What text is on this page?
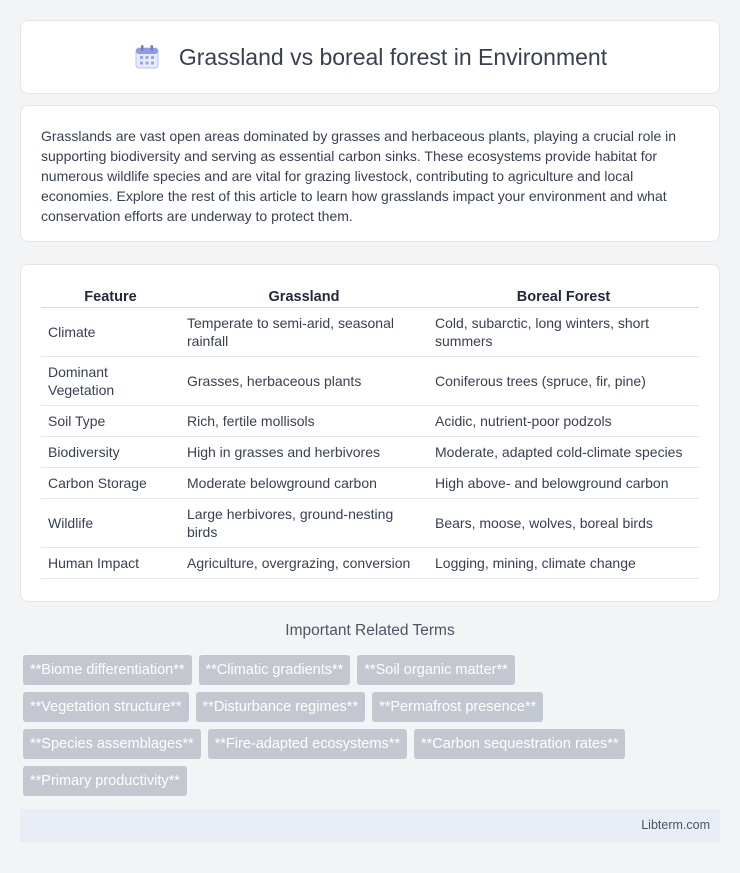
Grassland vs boreal forest in Environment

Grasslands are vast open areas dominated by grasses and herbaceous plants, playing a crucial role in supporting biodiversity and serving as essential carbon sinks. These ecosystems provide habitat for numerous wildlife species and are vital for grazing livestock, contributing to agriculture and local economies. Explore the rest of this article to learn how grasslands impact your environment and what conservation efforts are underway to protect them.

Feature	Grassland	Boreal Forest
Climate	Temperate to semi-arid, seasonal rainfall	Cold, subarctic, long winters, short summers
Dominant Vegetation	Grasses, herbaceous plants	Coniferous trees (spruce, fir, pine)
Soil Type	Rich, fertile mollisols	Acidic, nutrient-poor podzols
Biodiversity	High in grasses and herbivores	Moderate, adapted cold-climate species
Carbon Storage	Moderate belowground carbon	High above- and belowground carbon
Wildlife	Large herbivores, ground-nesting birds	Bears, moose, wolves, boreal birds
Human Impact	Agriculture, overgrazing, conversion	Logging, mining, climate change
Important Related Terms
**Biome differentiation**	**Climatic gradients**	**Soil organic matter**
**Vegetation structure**	**Disturbance regimes**	**Permafrost presence**
**Species assemblages**	**Fire-adapted ecosystems**	**Carbon sequestration rates**
**Primary productivity**
Libterm.com
